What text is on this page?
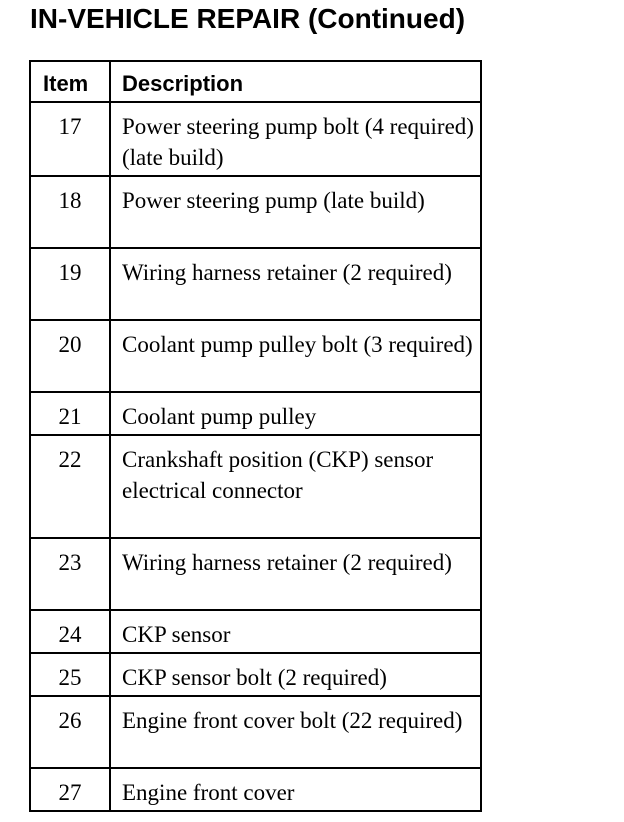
IN-VEHICLE REPAIR (Continued)
Item	Description
17	Power steering pump bolt (4 required) (late build)
18	Power steering pump (late build)
19	Wiring harness retainer (2 required)
20	Coolant pump pulley bolt (3 required)
21	Coolant pump pulley
22	Crankshaft position (CKP) sensor electrical connector
23	Wiring harness retainer (2 required)
24	CKP sensor
25	CKP sensor bolt (2 required)
26	Engine front cover bolt (22 required)
27	Engine front cover
